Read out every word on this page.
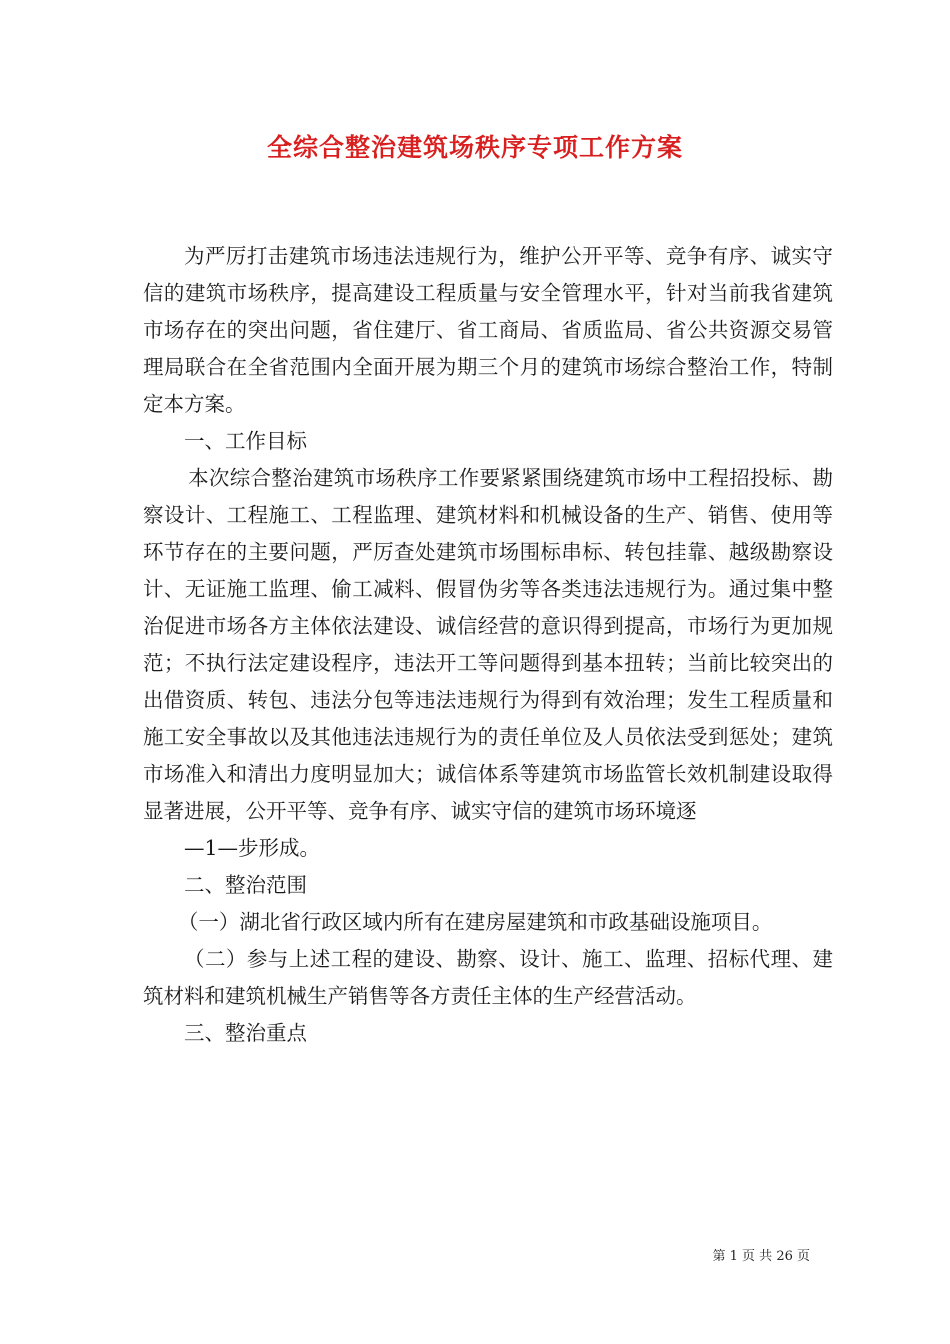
全综合整治建筑场秩序专项工作方案

为严厉打击建筑市场违法违规行为，维护公开平等、竞争有序、诚实守信的建筑市场秩序，提高建设工程质量与安全管理水平，针对当前我省建筑市场存在的突出问题，省住建厅、省工商局、省质监局、省公共资源交易管理局联合在全省范围内全面开展为期三个月的建筑市场综合整治工作，特制定本方案。

一、工作目标

本次综合整治建筑市场秩序工作要紧紧围绕建筑市场中工程招投标、勘察设计、工程施工、工程监理、建筑材料和机械设备的生产、销售、使用等环节存在的主要问题，严厉查处建筑市场围标串标、转包挂靠、越级勘察设计、无证施工监理、偷工减料、假冒伪劣等各类违法违规行为。通过集中整治促进市场各方主体依法建设、诚信经营的意识得到提高，市场行为更加规范；不执行法定建设程序，违法开工等问题得到基本扭转；当前比较突出的出借资质、转包、违法分包等违法违规行为得到有效治理；发生工程质量和施工安全事故以及其他违法违规行为的责任单位及人员依法受到惩处；建筑市场准入和清出力度明显加大；诚信体系等建筑市场监管长效机制建设取得显著进展，公开平等、竞争有序、诚实守信的建筑市场环境逐

—1—步形成。

二、整治范围

（一）湖北省行政区域内所有在建房屋建筑和市政基础设施项目。

（二）参与上述工程的建设、勘察、设计、施工、监理、招标代理、建筑材料和建筑机械生产销售等各方责任主体的生产经营活动。

三、整治重点

第 1 页 共 26 页
